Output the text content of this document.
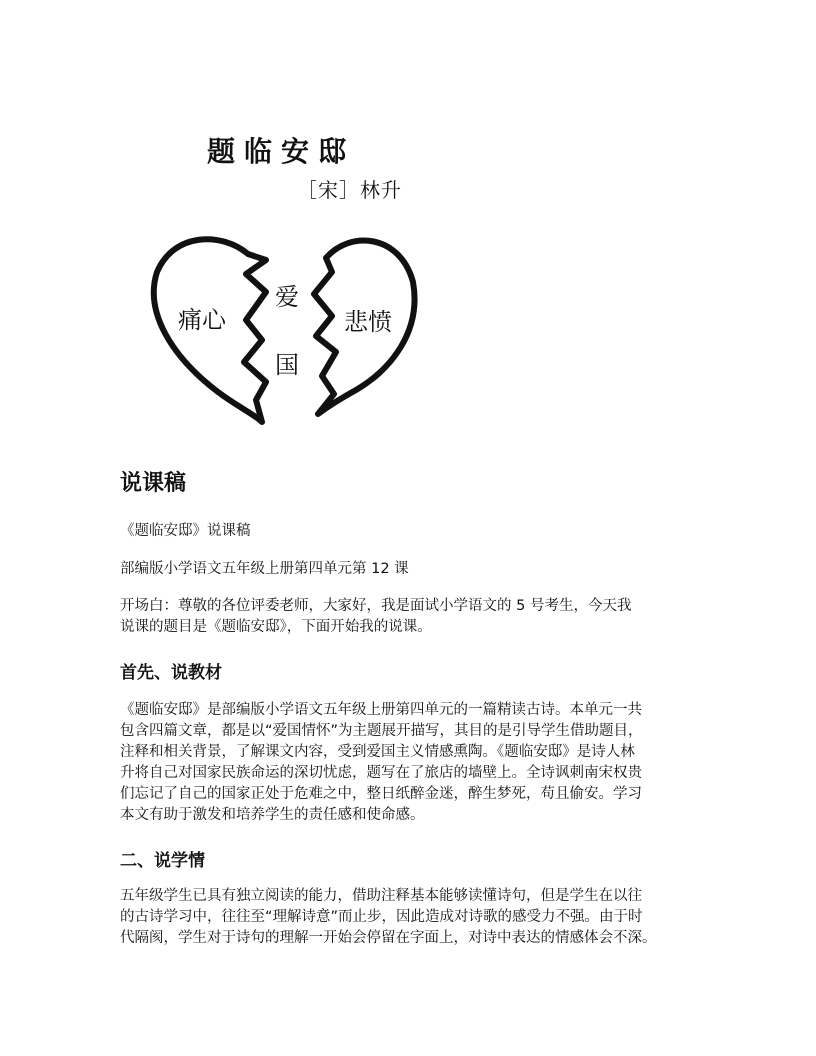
题临安邸
［宋］林升
痛心
爱
国
悲愤
说课稿
《题临安邸》说课稿
部编版小学语文五年级上册第四单元第 12 课
开场白：尊敬的各位评委老师，大家好，我是面试小学语文的 5 号考生，今天我
说课的题目是《题临安邸》，下面开始我的说课。
首先、说教材
《题临安邸》是部编版小学语文五年级上册第四单元的一篇精读古诗。本单元一共
包含四篇文章，都是以“爱国情怀”为主题展开描写，其目的是引导学生借助题目，
注释和相关背景，了解课文内容，受到爱国主义情感熏陶。《题临安邸》是诗人林
升将自己对国家民族命运的深切忧虑，题写在了旅店的墙壁上。全诗讽刺南宋权贵
们忘记了自己的国家正处于危难之中，整日纸醉金迷，醉生梦死，苟且偷安。学习
本文有助于激发和培养学生的责任感和使命感。
二、说学情
五年级学生已具有独立阅读的能力，借助注释基本能够读懂诗句，但是学生在以往
的古诗学习中，往往至“理解诗意”而止步，因此造成对诗歌的感受力不强。由于时
代隔阂，学生对于诗句的理解一开始会停留在字面上，对诗中表达的情感体会不深。
